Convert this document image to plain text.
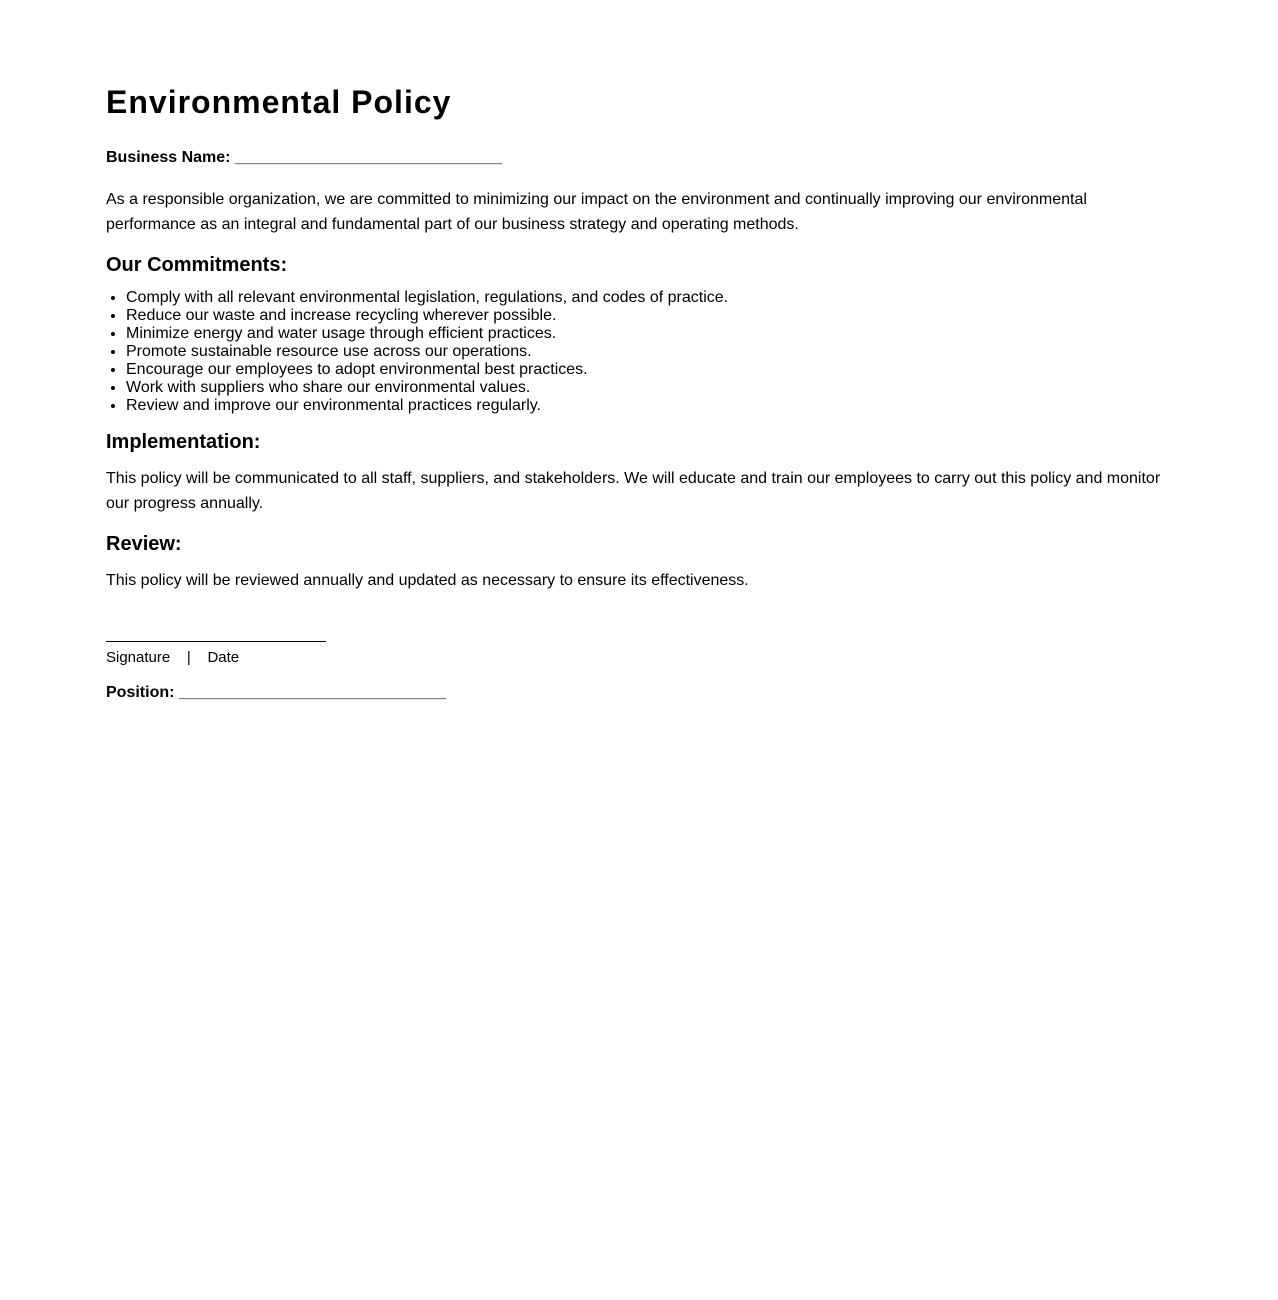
Environmental Policy
Business Name: ______________________________

As a responsible organization, we are committed to minimizing our impact on the environment and continually improving our environmental performance as an integral and fundamental part of our business strategy and operating methods.

Our Commitments:
• Comply with all relevant environmental legislation, regulations, and codes of practice.
• Reduce our waste and increase recycling wherever possible.
• Minimize energy and water usage through efficient practices.
• Promote sustainable resource use across our operations.
• Encourage our employees to adopt environmental best practices.
• Work with suppliers who share our environmental values.
• Review and improve our environmental practices regularly.
Implementation:

This policy will be communicated to all staff, suppliers, and stakeholders. We will educate and train our employees to carry out this policy and monitor our progress annually.

Review:

This policy will be reviewed annually and updated as necessary to ensure its effectiveness.

Signature    |    Date
Position: ______________________________
